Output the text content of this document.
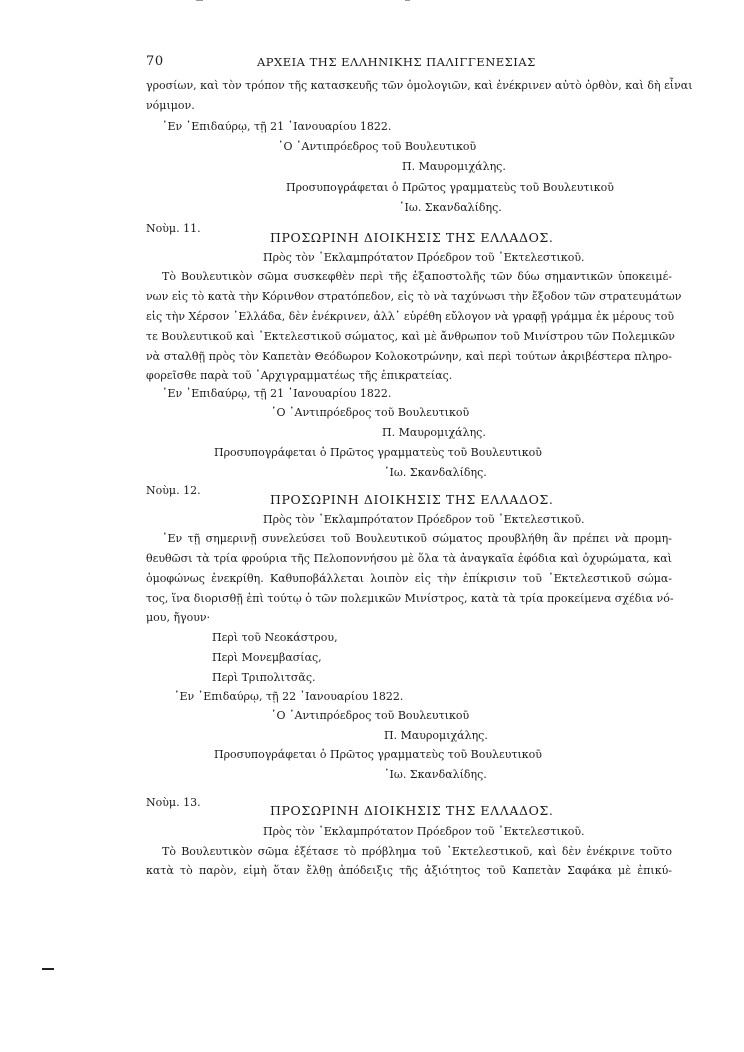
70	ΑΡΧΕΙΑ ΤΗΣ ΕΛΛΗΝΙΚΗΣ ΠΑΛΙΓΓΕΝΕΣΙΑΣ
γροσίων, καὶ τὸν τρόπον τῆς κατασκευῆς τῶν ὁμολογιῶν, καὶ ἐνέκρινεν αὐτὸ ὀρθὸν, καὶ δὴ εἶναι
νόμιμον.
᾿Εν ᾿Επιδαύρῳ, τῇ 21 ᾿Ιανουαρίου 1822.
῾Ο ᾿Αντιπρόεδρος τοῦ Βουλευτικοῦ
Π. Μαυρομιχάλης.
Προσυπογράφεται ὁ Πρῶτος γραμματεὺς τοῦ Βουλευτικοῦ
᾿Ιω. Σκανδαλίδης.
Νοὺμ. 11.
ΠΡΟΣΩΡΙΝΗ ΔΙΟΙΚΗΣΙΣ ΤΗΣ ΕΛΛΑΔΟΣ.
Πρὸς τὸν ᾿Εκλαμπρότατον Πρόεδρον τοῦ ᾿Εκτελεστικοῦ.
Τὸ Βουλευτικὸν σῶμα συσκεφθὲν περὶ τῆς ἐξαποστολῆς τῶν δύω σημαντικῶν ὑποκειμέ-
νων εἰς τὸ κατὰ τὴν Κόρινθον στρατόπεδον, εἰς τὸ νὰ ταχύνωσι τὴν ἔξοδον τῶν στρατευμάτων
εἰς τὴν Χέρσον ᾿Ελλάδα, δὲν ἐνέκρινεν, ἀλλ᾿ εὑρέθη εὔλογον νὰ γραφῇ γράμμα ἐκ μέρους τοῦ
τε Βουλευτικοῦ καὶ ᾿Εκτελεστικοῦ σώματος, καὶ μὲ ἄνθρωπον τοῦ Μινίστρου τῶν Πολεμικῶν
νὰ σταλθῇ πρὸς τὸν Καπετὰν Θεόδωρον Κολοκοτρώνην, καὶ περὶ τούτων ἀκριβέστερα πληρο-
φορεῖσθε παρὰ τοῦ ᾿Αρχιγραμματέως τῆς ἐπικρατείας.
᾿Εν ᾿Επιδαύρῳ, τῇ 21 ᾿Ιανουαρίου 1822.
῾Ο ᾿Αντιπρόεδρος τοῦ Βουλευτικοῦ
Π. Μαυρομιχάλης.
Προσυπογράφεται ὁ Πρῶτος γραμματεὺς τοῦ Βουλευτικοῦ
᾿Ιω. Σκανδαλίδης.
Νοὺμ. 12.
ΠΡΟΣΩΡΙΝΗ ΔΙΟΙΚΗΣΙΣ ΤΗΣ ΕΛΛΑΔΟΣ.
Πρὸς τὸν ᾿Εκλαμπρότατον Πρόεδρον τοῦ ᾿Εκτελεστικοῦ.
᾿Εν τῇ σημερινῇ συνελεύσει τοῦ Βουλευτικοῦ σώματος προυβλήθη ἂν πρέπει νὰ προμη-
θευθῶσι τὰ τρία φρούρια τῆς Πελοποννήσου μὲ ὅλα τὰ ἀναγκαῖα ἐφόδια καὶ ὀχυρώματα, καὶ
ὁμοφώνως ἐνεκρίθη. Καθυποβάλλεται λοιπὸν εἰς τὴν ἐπίκρισιν τοῦ ᾿Εκτελεστικοῦ σώμα-
τος, ἵνα διορισθῇ ἐπὶ τούτῳ ὁ τῶν πολεμικῶν Μινίστρος, κατὰ τὰ τρία προκείμενα σχέδια νό-
μου, ἤγουν·
Περὶ τοῦ Νεοκάστρου,
Περὶ Μονεμβασίας,
Περὶ Τριπολιτσᾶς.
᾿Εν ᾿Επιδαύρῳ, τῇ 22 ᾿Ιανουαρίου 1822.
῾Ο ᾿Αντιπρόεδρος τοῦ Βουλευτικοῦ
Π. Μαυρομιχάλης.
Προσυπογράφεται ὁ Πρῶτος γραμματεὺς τοῦ Βουλευτικοῦ
᾿Ιω. Σκανδαλίδης.
Νοὺμ. 13.
ΠΡΟΣΩΡΙΝΗ ΔΙΟΙΚΗΣΙΣ ΤΗΣ ΕΛΛΑΔΟΣ.
Πρὸς τὸν ᾿Εκλαμπρότατον Πρόεδρον τοῦ ᾿Εκτελεστικοῦ.
Τὸ Βουλευτικὸν σῶμα ἐξέτασε τὸ πρόβλημα τοῦ ᾿Εκτελεστικοῦ, καὶ δὲν ἐνέκρινε τοῦτο
κατὰ τὸ παρὸν, εἰμὴ ὅταν ἔλθῃ ἀπόδειξις τῆς ἀξιότητος τοῦ Καπετὰν Σαφάκα μὲ ἐπικύ-
